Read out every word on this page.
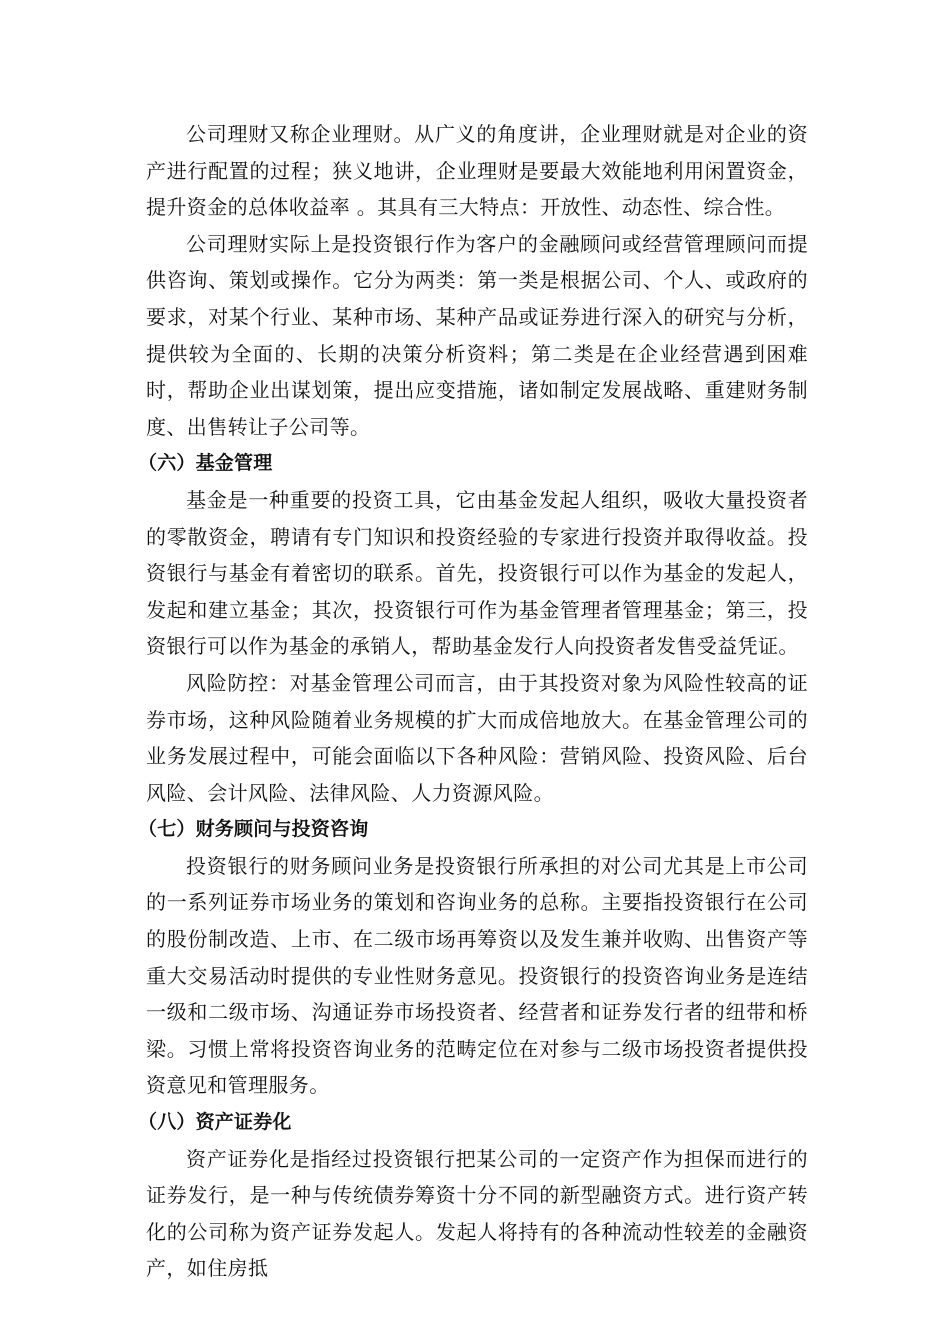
公司理财又称企业理财。从广义的角度讲，企业理财就是对企业的资产进行配置的过程；狭义地讲，企业理财是要最大效能地利用闲置资金，提升资金的总体收益率 。其具有三大特点：开放性、动态性、综合性。

公司理财实际上是投资银行作为客户的金融顾问或经营管理顾问而提供咨询、策划或操作。它分为两类：第一类是根据公司、个人、或政府的要求，对某个行业、某种市场、某种产品或证券进行深入的研究与分析，提供较为全面的、长期的决策分析资料；第二类是在企业经营遇到困难时，帮助企业出谋划策，提出应变措施，诸如制定发展战略、重建财务制度、出售转让子公司等。

（六）基金管理

基金是一种重要的投资工具，它由基金发起人组织，吸收大量投资者的零散资金，聘请有专门知识和投资经验的专家进行投资并取得收益。投资银行与基金有着密切的联系。首先，投资银行可以作为基金的发起人，发起和建立基金；其次，投资银行可作为基金管理者管理基金；第三，投资银行可以作为基金的承销人，帮助基金发行人向投资者发售受益凭证。

风险防控：对基金管理公司而言，由于其投资对象为风险性较高的证券市场，这种风险随着业务规模的扩大而成倍地放大。在基金管理公司的业务发展过程中，可能会面临以下各种风险：营销风险、投资风险、后台风险、会计风险、法律风险、人力资源风险。

（七）财务顾问与投资咨询

投资银行的财务顾问业务是投资银行所承担的对公司尤其是上市公司的一系列证券市场业务的策划和咨询业务的总称。主要指投资银行在公司的股份制改造、上市、在二级市场再筹资以及发生兼并收购、出售资产等重大交易活动时提供的专业性财务意见。投资银行的投资咨询业务是连结一级和二级市场、沟通证券市场投资者、经营者和证券发行者的纽带和桥梁。习惯上常将投资咨询业务的范畴定位在对参与二级市场投资者提供投资意见和管理服务。

（八）资产证券化

资产证券化是指经过投资银行把某公司的一定资产作为担保而进行的证券发行，是一种与传统债券筹资十分不同的新型融资方式。进行资产转化的公司称为资产证券发起人。发起人将持有的各种流动性较差的金融资产，如住房抵
